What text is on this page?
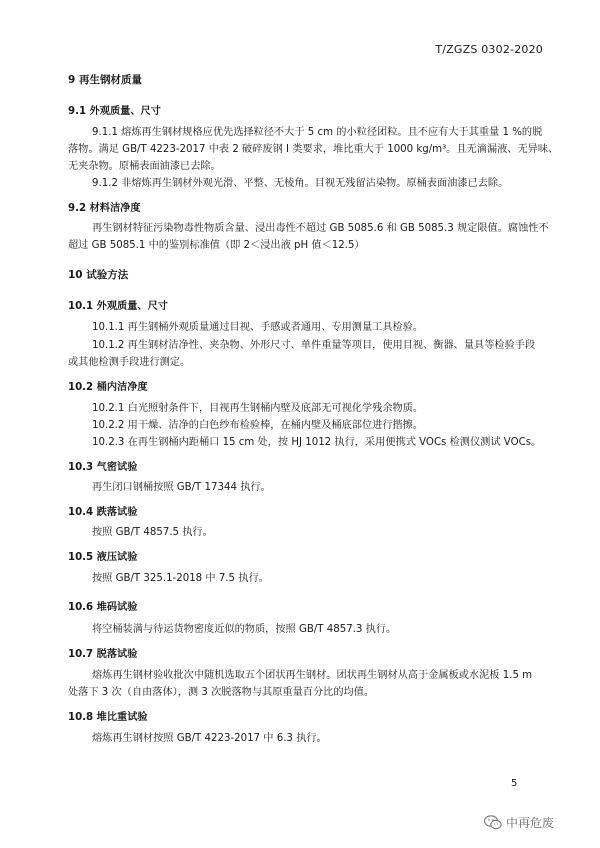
T/ZGZS 0302-2020
9 再生钢材质量
9.1 外观质量、尺寸
9.1.1 熔炼再生钢材规格应优先选择粒径不大于 5 cm 的小粒径团粒。且不应有大于其重量 1 %的脱
落物。满足 GB/T 4223-2017 中表 2 破碎废钢 Ⅰ 类要求，堆比重大于 1000 kg/m³。且无滴漏液、无异味、
无夹杂物。原桶表面油漆已去除。
9.1.2 非熔炼再生钢材外观光滑、平整、无棱角。目视无残留沾染物。原桶表面油漆已去除。
9.2 材料洁净度
再生钢材特征污染物毒性物质含量、浸出毒性不超过 GB 5085.6 和 GB 5085.3 规定限值。腐蚀性不
超过 GB 5085.1 中的鉴别标准值（即 2＜浸出液 pH 值＜12.5）
10 试验方法
10.1 外观质量、尺寸
10.1.1 再生钢桶外观质量通过目视、手感或者通用、专用测量工具检验。
10.1.2 再生钢材洁净性、夹杂物、外形尺寸、单件重量等项目，使用目视、衡器、量具等检验手段
或其他检测手段进行测定。
10.2 桶内洁净度
10.2.1 白光照射条件下，目视再生钢桶内壁及底部无可视化学残余物质。
10.2.2 用干燥、洁净的白色纱布检验棒，在桶内壁及桶底部位进行揩擦。
10.2.3 在再生钢桶内距桶口 15 cm 处，按 HJ 1012 执行，采用便携式 VOCs 检测仪测试 VOCs。
10.3 气密试验
再生闭口钢桶按照 GB/T 17344 执行。
10.4 跌落试验
按照 GB/T 4857.5 执行。
10.5 液压试验
按照 GB/T 325.1-2018 中 7.5 执行。
10.6 堆码试验
将空桶装满与待运货物密度近似的物质，按照 GB/T 4857.3 执行。
10.7 脱落试验
熔炼再生钢材验收批次中随机选取五个团状再生钢材。团状再生钢材从高于金属板或水泥板 1.5 m
处落下 3 次（自由落体），测 3 次脱落物与其原重量百分比的均值。
10.8 堆比重试验
熔炼再生钢材按照 GB/T 4223-2017 中 6.3 执行。
5
中再危废
